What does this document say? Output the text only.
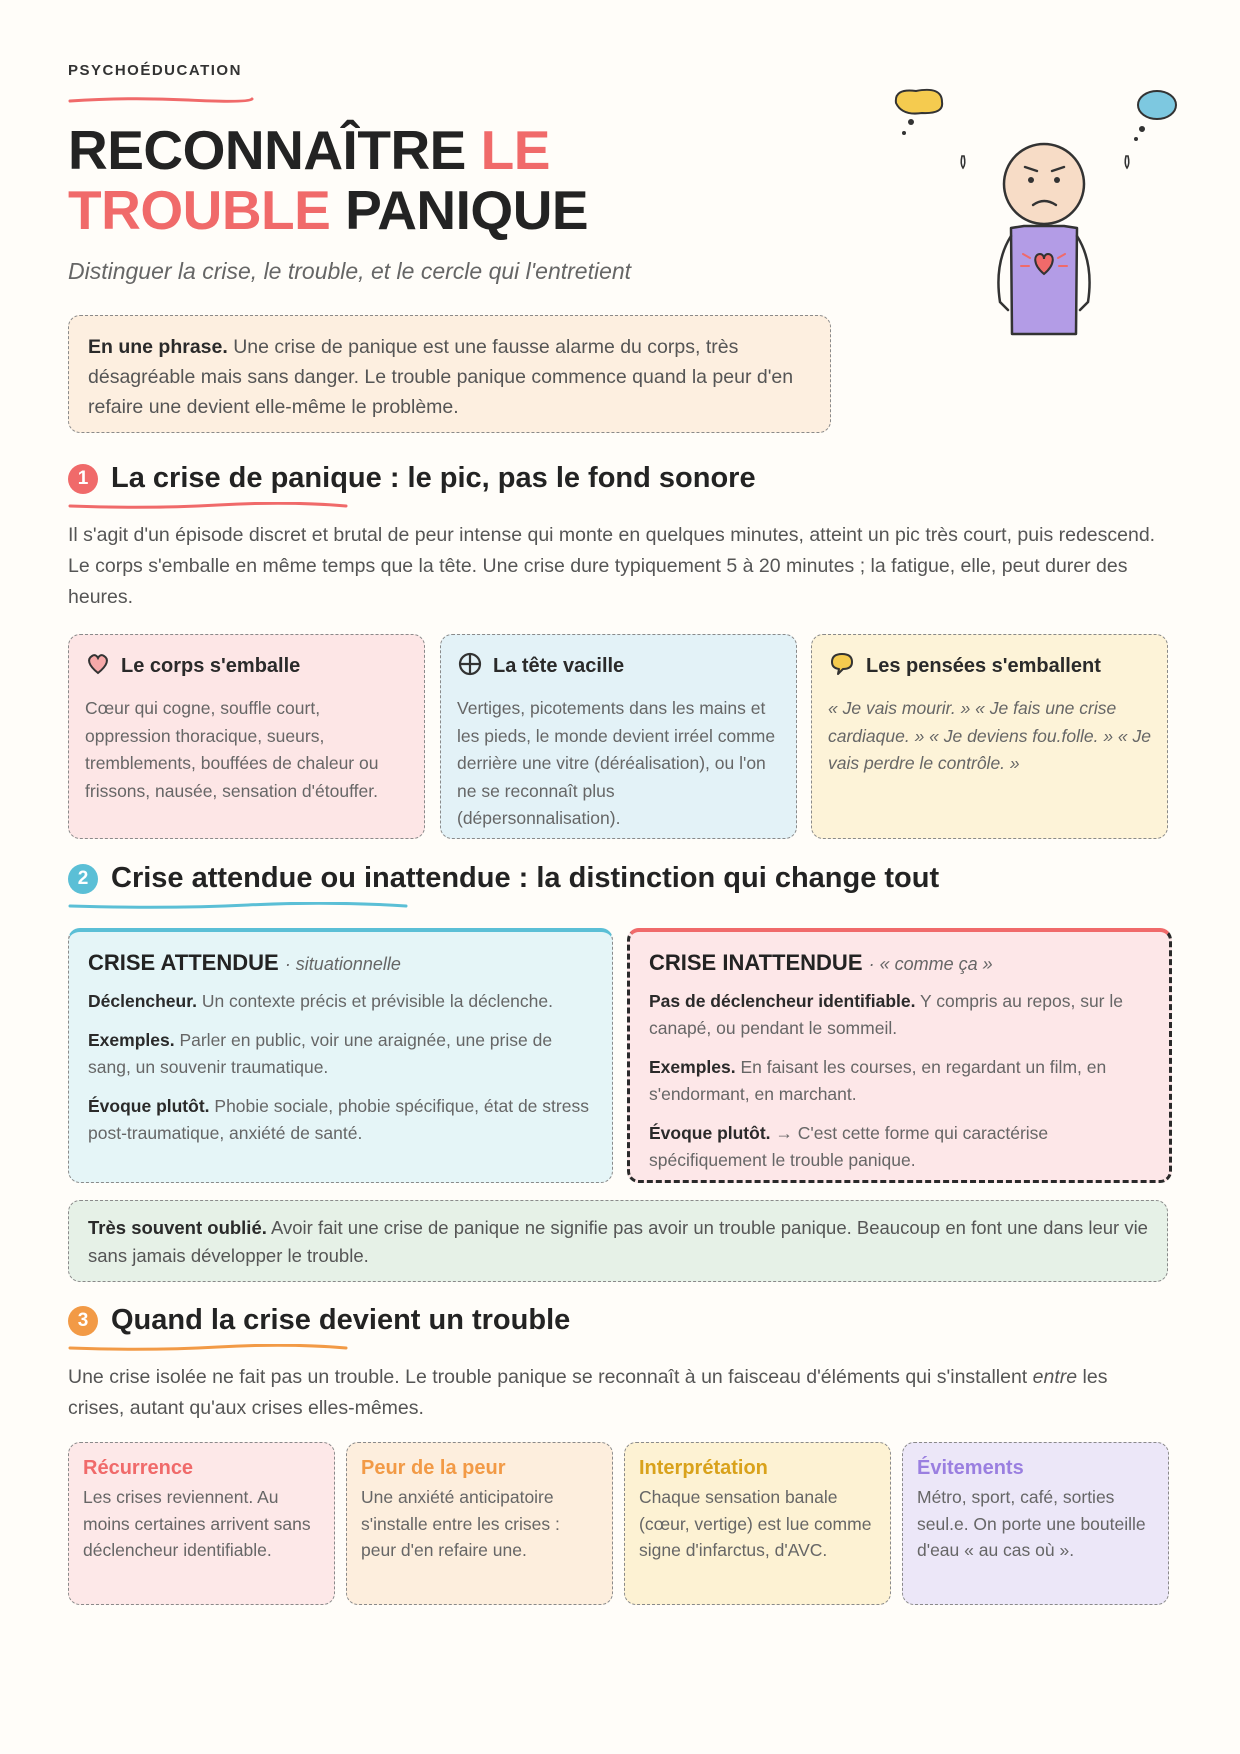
PSYCHOÉDUCATION
RECONNAÎTRE LE
TROUBLE PANIQUE
Distinguer la crise, le trouble, et le cercle qui l'entretient
En une phrase. Une crise de panique est une fausse alarme du corps, très désagréable mais sans danger. Le trouble panique commence quand la peur d'en refaire une devient elle-même le problème.
1 La crise de panique : le pic, pas le fond sonore
Il s'agit d'un épisode discret et brutal de peur intense qui monte en quelques minutes, atteint un pic très court, puis redescend. Le corps s'emballe en même temps que la tête. Une crise dure typiquement 5 à 20 minutes ; la fatigue, elle, peut durer des heures.
Le corps s'emballe
Cœur qui cogne, souffle court, oppression thoracique, sueurs, tremblements, bouffées de chaleur ou frissons, nausée, sensation d'étouffer.
La tête vacille
Vertiges, picotements dans les mains et les pieds, le monde devient irréel comme derrière une vitre (déréalisation), ou l'on ne se reconnaît plus (dépersonnalisation).
Les pensées s'emballent
« Je vais mourir. » « Je fais une crise cardiaque. » « Je deviens fou.folle. » « Je vais perdre le contrôle. »
2 Crise attendue ou inattendue : la distinction qui change tout
CRISE ATTENDUE · situationnelle

Déclencheur. Un contexte précis et prévisible la déclenche.

Exemples. Parler en public, voir une araignée, une prise de sang, un souvenir traumatique.

Évoque plutôt. Phobie sociale, phobie spécifique, état de stress post-traumatique, anxiété de santé.

CRISE INATTENDUE · « comme ça »

Pas de déclencheur identifiable. Y compris au repos, sur le canapé, ou pendant le sommeil.

Exemples. En faisant les courses, en regardant un film, en s'endormant, en marchant.

Évoque plutôt. → C'est cette forme qui caractérise spécifiquement le trouble panique.

Très souvent oublié. Avoir fait une crise de panique ne signifie pas avoir un trouble panique. Beaucoup en font une dans leur vie sans jamais développer le trouble.
3 Quand la crise devient un trouble
Une crise isolée ne fait pas un trouble. Le trouble panique se reconnaît à un faisceau d'éléments qui s'installent entre les crises, autant qu'aux crises elles-mêmes.
Récurrence
Les crises reviennent. Au moins certaines arrivent sans déclencheur identifiable.
Peur de la peur
Une anxiété anticipatoire s'installe entre les crises : peur d'en refaire une.
Interprétation
Chaque sensation banale (cœur, vertige) est lue comme signe d'infarctus, d'AVC.
Évitements
Métro, sport, café, sorties seul.e. On porte une bouteille d'eau « au cas où ».
